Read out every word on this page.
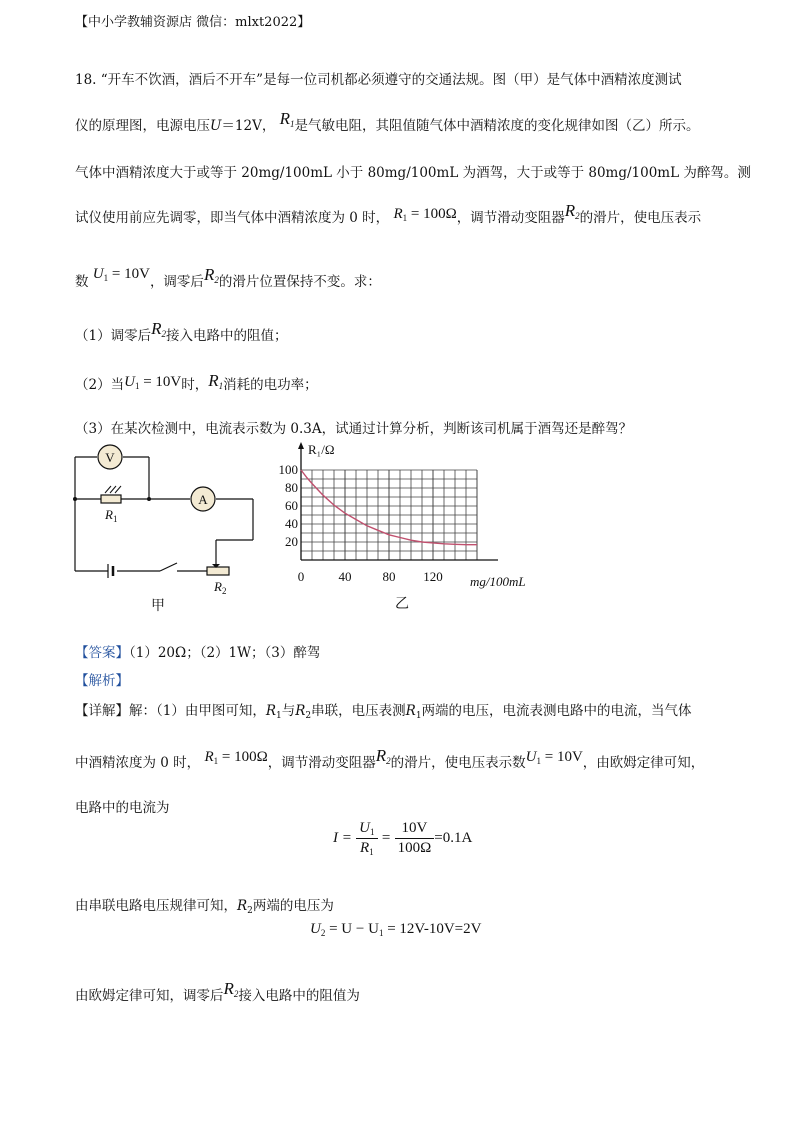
【中小学教辅资源店 微信：mlxt2022】
18. “开车不饮酒，酒后不开车”是每一位司机都必须遵守的交通法规。图（甲）是气体中酒精浓度测试
仪的原理图，电源电压U＝12V， $R_1$是气敏电阻，其阻值随气体中酒精浓度的变化规律如图（乙）所示。
气体中酒精浓度大于或等于 20mg/100mL 小于 80mg/100mL 为酒驾，大于或等于 80mg/100mL 为醉驾。测
试仪使用前应先调零，即当气体中酒精浓度为 0 时， $R_1 = 100\Omega$，调节滑动变阻器$R_2$的滑片，使电压表示
数 $U_1 = 10V$，调零后$R_2$的滑片位置保持不变。求：
（1）调零后$R_2$接入电路中的阻值；
（2）当$U_1 = 10V$时，$R_1$消耗的电功率；
（3）在某次检测中，电流表示数为 0.3A，试通过计算分析，判断该司机属于酒驾还是醉驾？
V
$R_1$
A
$R_2$
甲
0	40 80 120
20
40
60
80
100
R₁/Ω
mg/100mL
乙
【答案】（1）20Ω；（2）1W；（3）醉驾
【解析】
【详解】解：（1）由甲图可知，$R_1$与$R_2$串联，电压表测$R_1$两端的电压，电流表测电路中的电流，当气体
中酒精浓度为 0 时， $R_1 = 100\Omega$，调节滑动变阻器$R_2$的滑片，使电压表示数$U_1 = 10V$，由欧姆定律可知，
电路中的电流为
$I = \frac{U_1}{R_1} = \frac{10V}{100\Omega} =0.1A$
由串联电路电压规律可知，$R_2$两端的电压为
$U_2 = U - U_1 = 12V-10V=2V$
由欧姆定律可知，调零后$R_2$接入电路中的阻值为
